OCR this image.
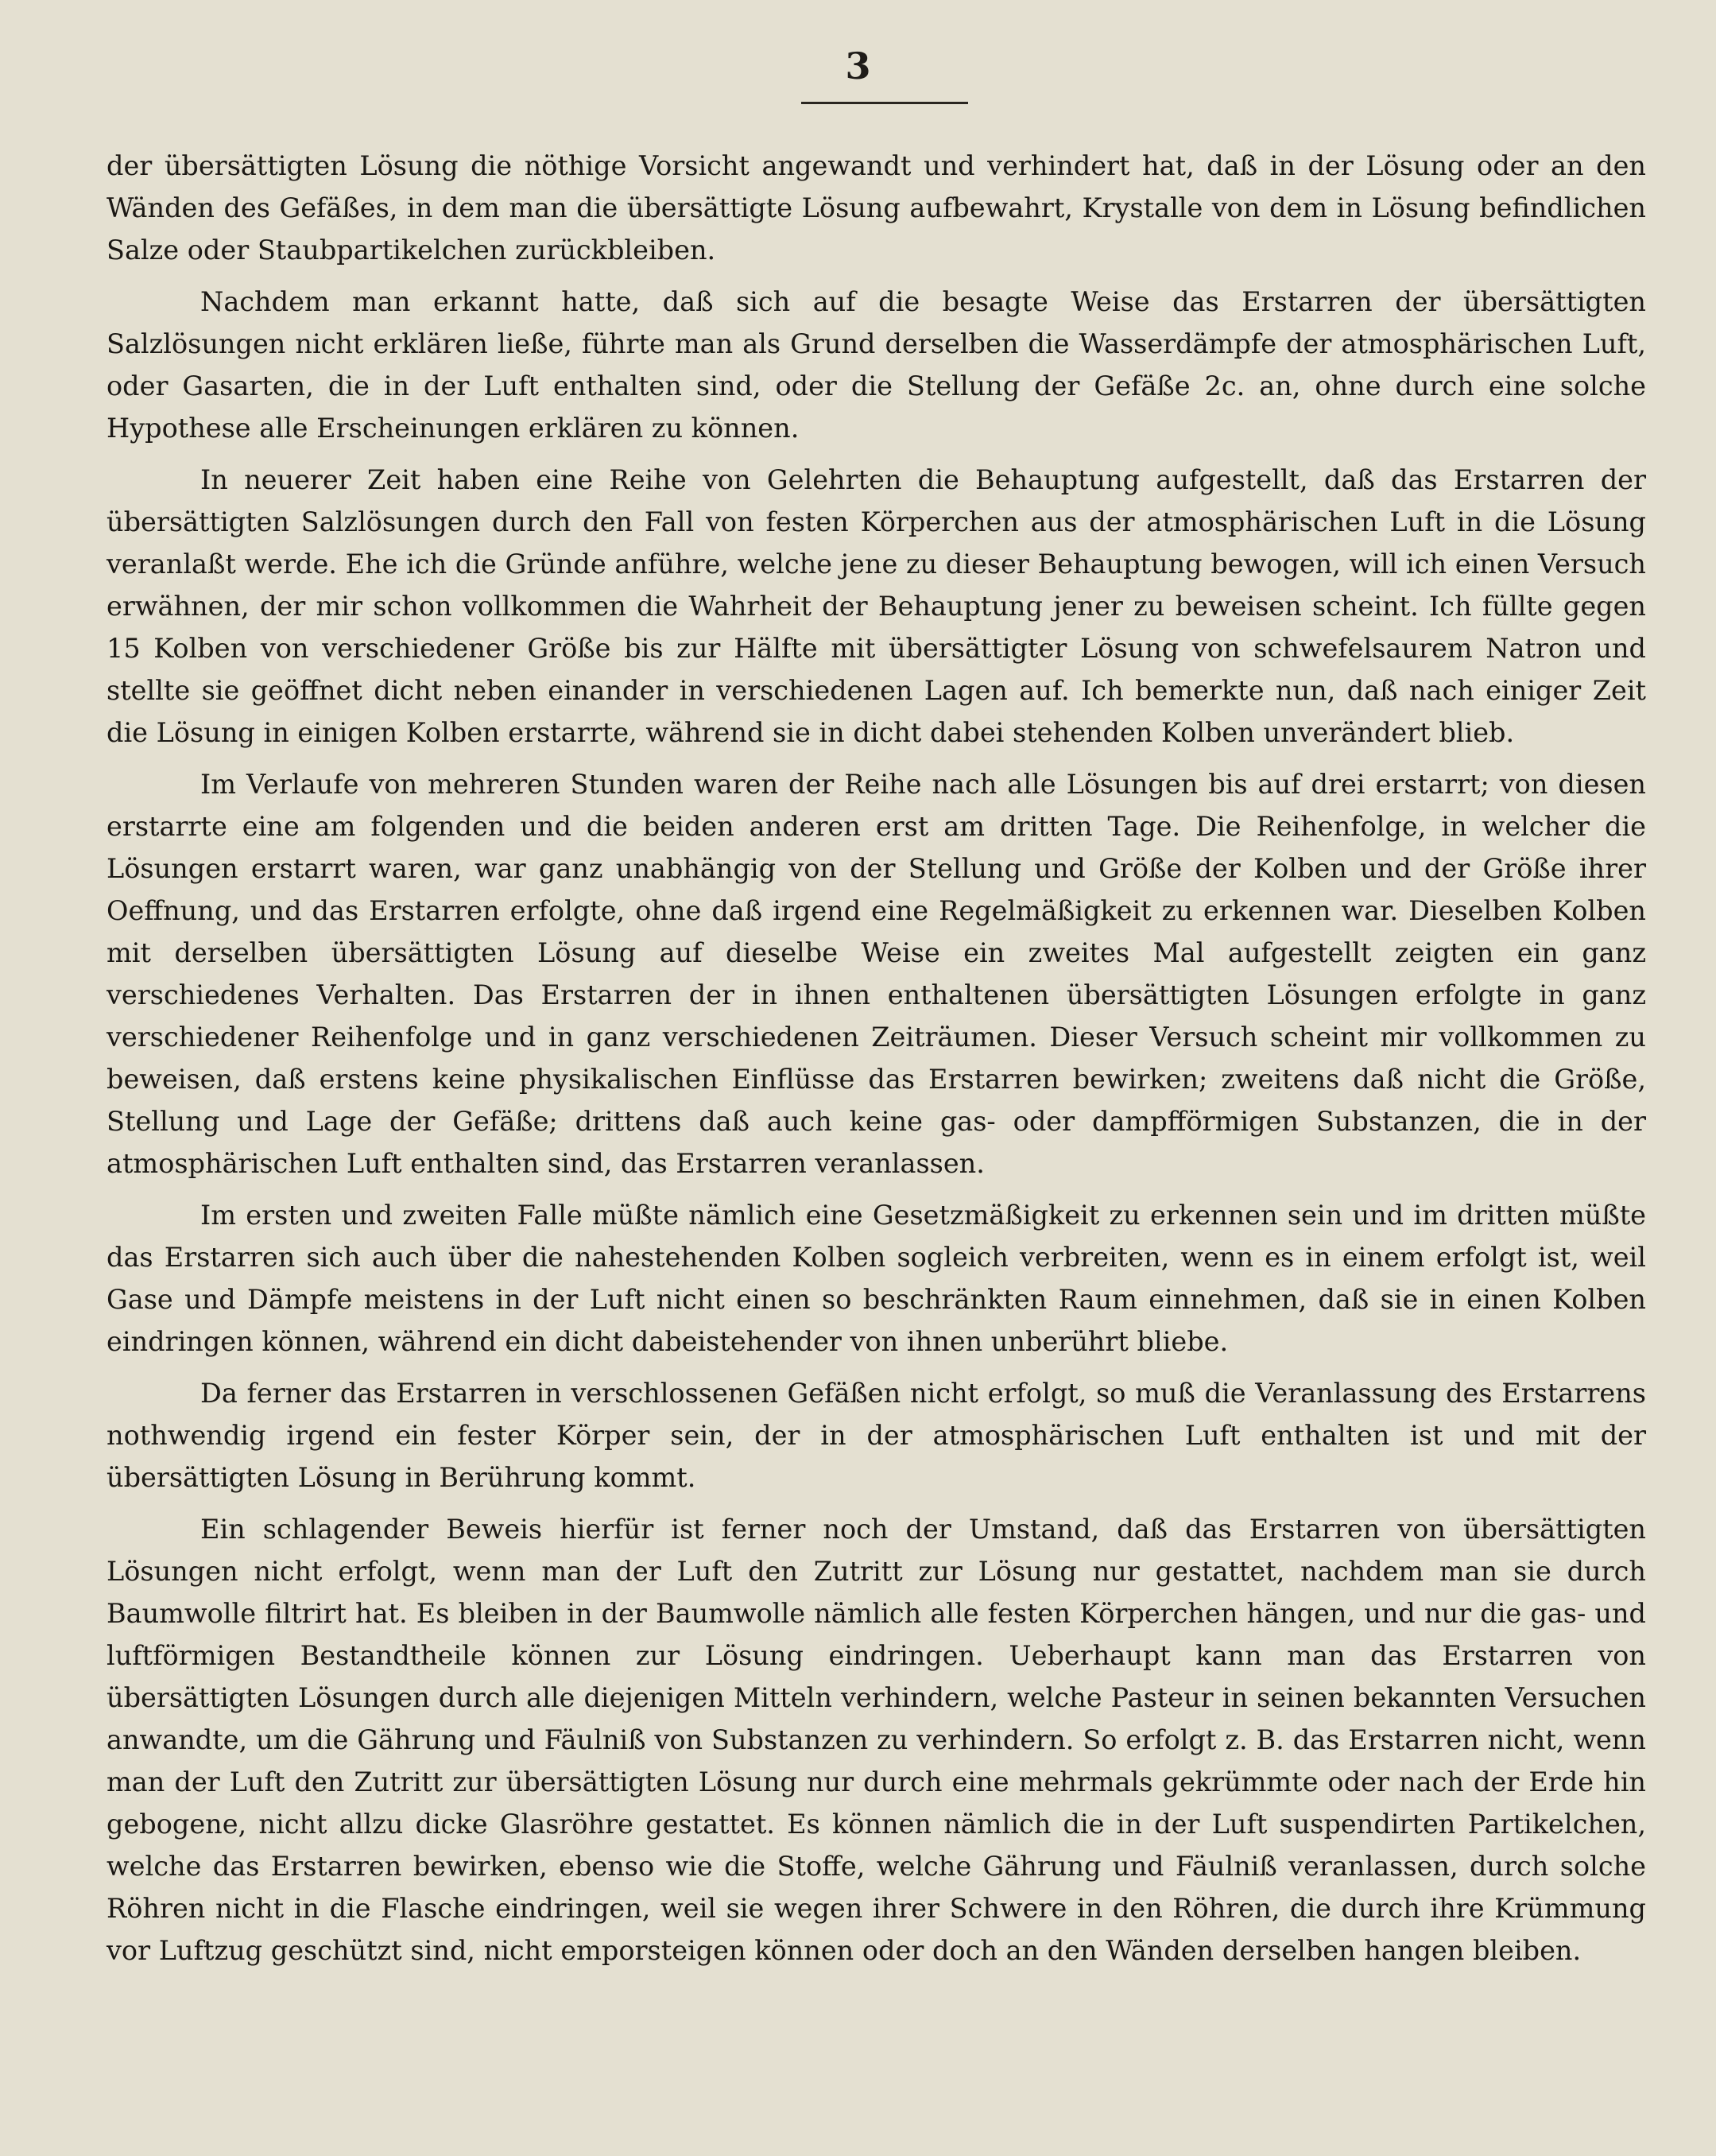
3

der übersättigten Lösung die nöthige Vorsicht angewandt und verhindert hat, daß in der Lösung oder an den Wänden des Gefäßes, in dem man die übersättigte Lösung aufbewahrt, Krystalle von dem in Lösung befindlichen Salze oder Staubpartikelchen zurückbleiben.

Nachdem man erkannt hatte, daß sich auf die besagte Weise das Erstarren der übersättigten Salzlösungen nicht erklären ließe, führte man als Grund derselben die Wasserdämpfe der atmosphärischen Luft, oder Gasarten, die in der Luft enthalten sind, oder die Stellung der Gefäße 2c. an, ohne durch eine solche Hypothese alle Erscheinungen erklären zu können.

In neuerer Zeit haben eine Reihe von Gelehrten die Behauptung aufgestellt, daß das Erstarren der übersättigten Salzlösungen durch den Fall von festen Körperchen aus der atmosphärischen Luft in die Lösung veranlaßt werde. Ehe ich die Gründe anführe, welche jene zu dieser Behauptung bewogen, will ich einen Versuch erwähnen, der mir schon vollkommen die Wahrheit der Behauptung jener zu beweisen scheint. Ich füllte gegen 15 Kolben von verschiedener Größe bis zur Hälfte mit übersättigter Lösung von schwefelsaurem Natron und stellte sie geöffnet dicht neben einander in verschiedenen Lagen auf. Ich bemerkte nun, daß nach einiger Zeit die Lösung in einigen Kolben erstarrte, während sie in dicht dabei stehenden Kolben unverändert blieb.

Im Verlaufe von mehreren Stunden waren der Reihe nach alle Lösungen bis auf drei erstarrt; von diesen erstarrte eine am folgenden und die beiden anderen erst am dritten Tage. Die Reihenfolge, in welcher die Lösungen erstarrt waren, war ganz unabhängig von der Stellung und Größe der Kolben und der Größe ihrer Oeffnung, und das Erstarren erfolgte, ohne daß irgend eine Regelmäßigkeit zu erkennen war. Dieselben Kolben mit derselben übersättigten Lösung auf dieselbe Weise ein zweites Mal aufgestellt zeigten ein ganz verschiedenes Verhalten. Das Erstarren der in ihnen enthaltenen übersättigten Lösungen erfolgte in ganz verschiedener Reihenfolge und in ganz verschiedenen Zeiträumen. Dieser Versuch scheint mir vollkommen zu beweisen, daß erstens keine physikalischen Einflüsse das Erstarren bewirken; zweitens daß nicht die Größe, Stellung und Lage der Gefäße; drittens daß auch keine gas- oder dampfförmigen Substanzen, die in der atmosphärischen Luft enthalten sind, das Erstarren veranlassen.

Im ersten und zweiten Falle müßte nämlich eine Gesetzmäßigkeit zu erkennen sein und im dritten müßte das Erstarren sich auch über die nahestehenden Kolben sogleich verbreiten, wenn es in einem erfolgt ist, weil Gase und Dämpfe meistens in der Luft nicht einen so beschränkten Raum einnehmen, daß sie in einen Kolben eindringen können, während ein dicht dabeistehender von ihnen unberührt bliebe.

Da ferner das Erstarren in verschlossenen Gefäßen nicht erfolgt, so muß die Veranlassung des Erstarrens nothwendig irgend ein fester Körper sein, der in der atmosphärischen Luft enthalten ist und mit der übersättigten Lösung in Berührung kommt.

Ein schlagender Beweis hierfür ist ferner noch der Umstand, daß das Erstarren von übersättigten Lösungen nicht erfolgt, wenn man der Luft den Zutritt zur Lösung nur gestattet, nachdem man sie durch Baumwolle filtrirt hat. Es bleiben in der Baumwolle nämlich alle festen Körperchen hängen, und nur die gas- und luftförmigen Bestandtheile können zur Lösung eindringen. Ueberhaupt kann man das Erstarren von übersättigten Lösungen durch alle diejenigen Mitteln verhindern, welche Pasteur in seinen bekannten Versuchen anwandte, um die Gährung und Fäulniß von Substanzen zu verhindern. So erfolgt z. B. das Erstarren nicht, wenn man der Luft den Zutritt zur übersättigten Lösung nur durch eine mehrmals gekrümmte oder nach der Erde hin gebogene, nicht allzu dicke Glasröhre gestattet. Es können nämlich die in der Luft suspendirten Partikelchen, welche das Erstarren bewirken, ebenso wie die Stoffe, welche Gährung und Fäulniß veranlassen, durch solche Röhren nicht in die Flasche eindringen, weil sie wegen ihrer Schwere in den Röhren, die durch ihre Krümmung vor Luftzug geschützt sind, nicht emporsteigen können oder doch an den Wänden derselben hangen bleiben.
